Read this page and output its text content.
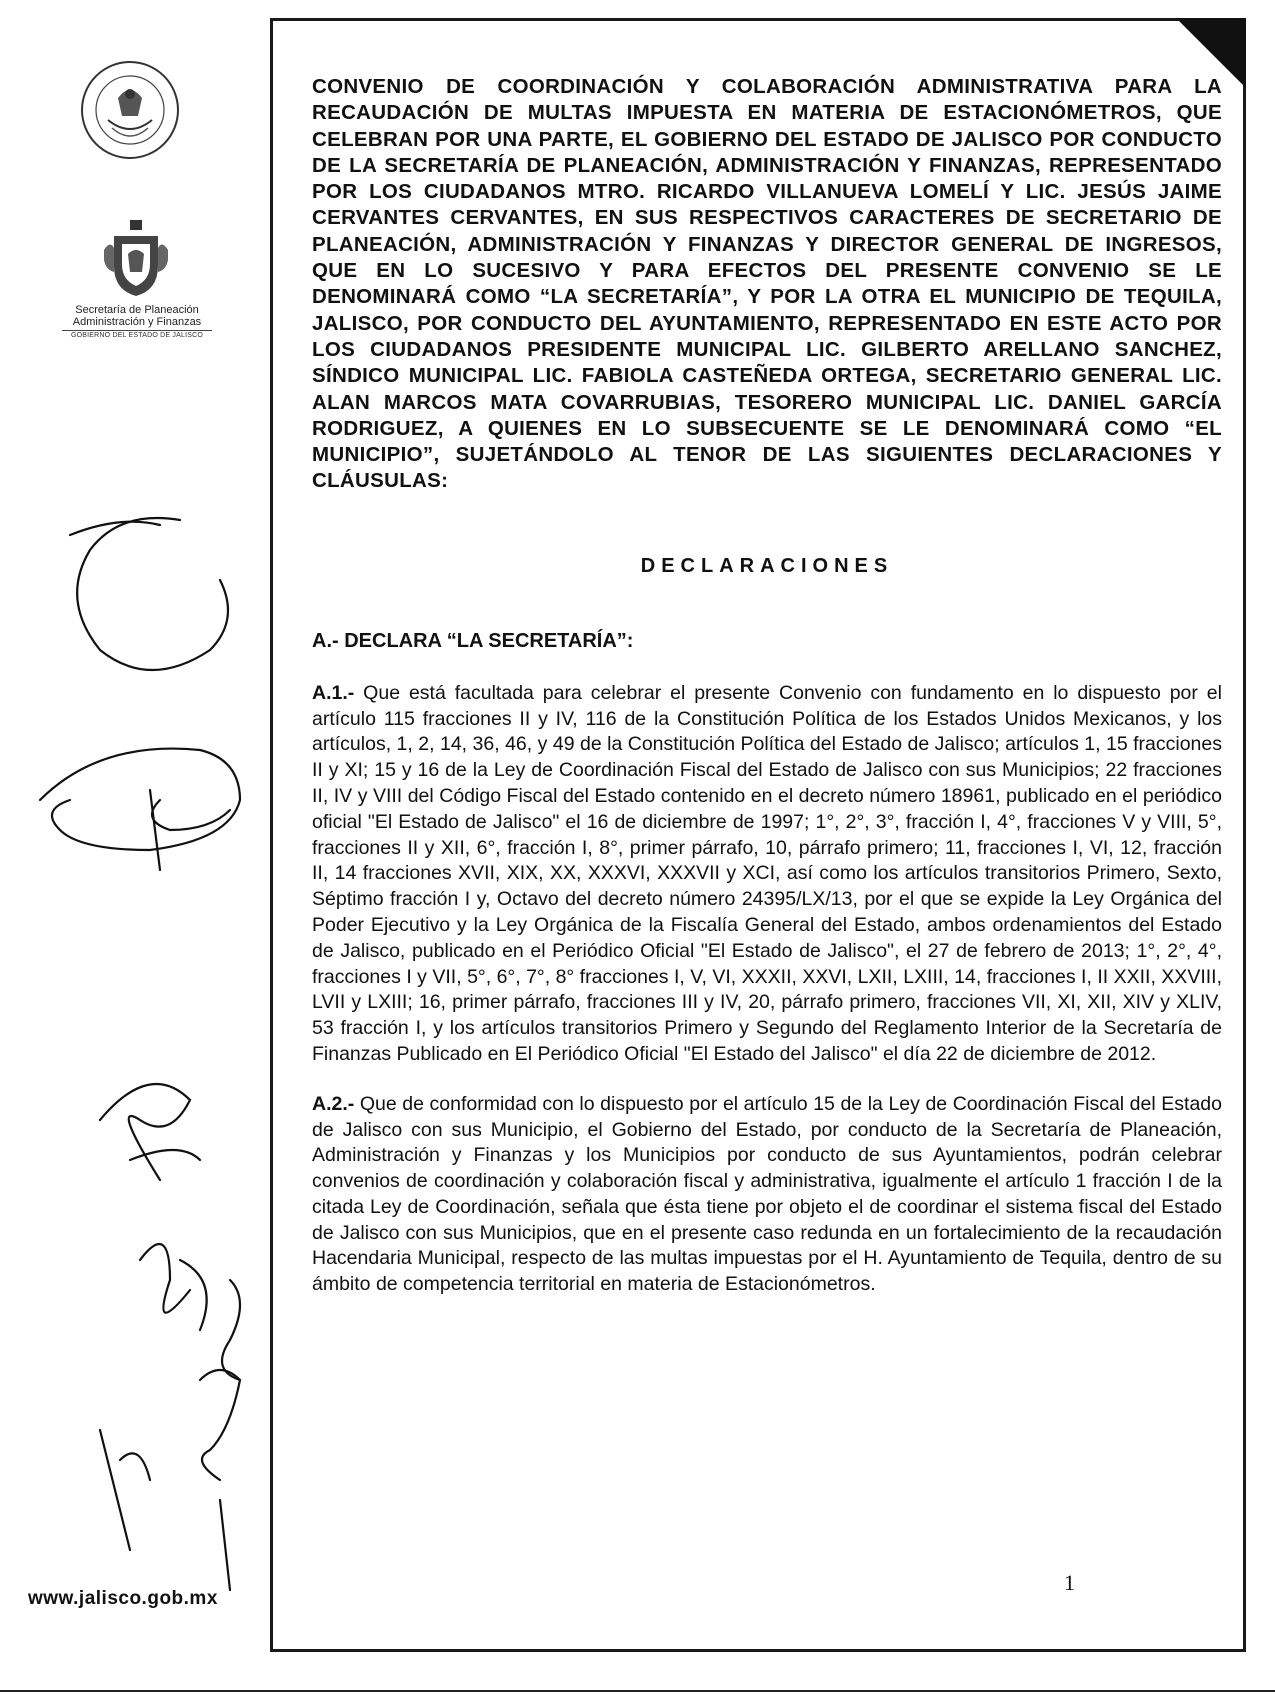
Secretaría de Planeación
Administración y Finanzas
GOBIERNO DEL ESTADO DE JALISCO
www.jalisco.gob.mx

CONVENIO DE COORDINACIÓN Y COLABORACIÓN ADMINISTRATIVA PARA LA RECAUDACIÓN DE MULTAS IMPUESTA EN MATERIA DE ESTACIONÓMETROS, QUE CELEBRAN POR UNA PARTE, EL GOBIERNO DEL ESTADO DE JALISCO POR CONDUCTO DE LA SECRETARÍA DE PLANEACIÓN, ADMINISTRACIÓN Y FINANZAS, REPRESENTADO POR LOS CIUDADANOS MTRO. RICARDO VILLANUEVA LOMELÍ Y LIC. JESÚS JAIME CERVANTES CERVANTES, EN SUS RESPECTIVOS CARACTERES DE SECRETARIO DE PLANEACIÓN, ADMINISTRACIÓN Y FINANZAS Y DIRECTOR GENERAL DE INGRESOS, QUE EN LO SUCESIVO Y PARA EFECTOS DEL PRESENTE CONVENIO SE LE DENOMINARÁ COMO “LA SECRETARÍA”, Y POR LA OTRA EL MUNICIPIO DE TEQUILA, JALISCO, POR CONDUCTO DEL AYUNTAMIENTO, REPRESENTADO EN ESTE ACTO POR LOS CIUDADANOS PRESIDENTE MUNICIPAL LIC. GILBERTO ARELLANO SANCHEZ, SÍNDICO MUNICIPAL LIC. FABIOLA CASTEÑEDA ORTEGA, SECRETARIO GENERAL LIC. ALAN MARCOS MATA COVARRUBIAS, TESORERO MUNICIPAL LIC. DANIEL GARCÍA RODRIGUEZ, A QUIENES EN LO SUBSECUENTE SE LE DENOMINARÁ COMO “EL MUNICIPIO”, SUJETÁNDOLO AL TENOR DE LAS SIGUIENTES DECLARACIONES Y CLÁUSULAS:

DECLARACIONES
A.- DECLARA “LA SECRETARÍA”:

A.1.- Que está facultada para celebrar el presente Convenio con fundamento en lo dispuesto por el artículo 115 fracciones II y IV, 116 de la Constitución Política de los Estados Unidos Mexicanos, y los artículos, 1, 2, 14, 36, 46, y 49 de la Constitución Política del Estado de Jalisco; artículos 1, 15 fracciones II y XI; 15 y 16 de la Ley de Coordinación Fiscal del Estado de Jalisco con sus Municipios; 22 fracciones II, IV y VIII del Código Fiscal del Estado contenido en el decreto número 18961, publicado en el periódico oficial "El Estado de Jalisco" el 16 de diciembre de 1997; 1°, 2°, 3°, fracción I, 4°, fracciones V y VIII, 5°, fracciones II y XII, 6°, fracción I, 8°, primer párrafo, 10, párrafo primero; 11, fracciones I, VI, 12, fracción II, 14 fracciones XVII, XIX, XX, XXXVI, XXXVII y XCI, así como los artículos transitorios Primero, Sexto, Séptimo fracción I y, Octavo del decreto número 24395/LX/13, por el que se expide la Ley Orgánica del Poder Ejecutivo y la Ley Orgánica de la Fiscalía General del Estado, ambos ordenamientos del Estado de Jalisco, publicado en el Periódico Oficial "El Estado de Jalisco", el 27 de febrero de 2013; 1°, 2°, 4°, fracciones I y VII, 5°, 6°, 7°, 8° fracciones I, V, VI, XXXII, XXVI, LXII, LXIII, 14, fracciones I, II XXII, XXVIII, LVII y LXIII; 16, primer párrafo, fracciones III y IV, 20, párrafo primero, fracciones VII, XI, XII, XIV y XLIV, 53 fracción I, y los artículos transitorios Primero y Segundo del Reglamento Interior de la Secretaría de Finanzas Publicado en El Periódico Oficial "El Estado del Jalisco" el día 22 de diciembre de 2012.

A.2.- Que de conformidad con lo dispuesto por el artículo 15 de la Ley de Coordinación Fiscal del Estado de Jalisco con sus Municipio, el Gobierno del Estado, por conducto de la Secretaría de Planeación, Administración y Finanzas y los Municipios por conducto de sus Ayuntamientos, podrán celebrar convenios de coordinación y colaboración fiscal y administrativa, igualmente el artículo 1 fracción I de la citada Ley de Coordinación, señala que ésta tiene por objeto el de coordinar el sistema fiscal del Estado de Jalisco con sus Municipios, que en el presente caso redunda en un fortalecimiento de la recaudación Hacendaria Municipal, respecto de las multas impuestas por el H. Ayuntamiento de Tequila, dentro de su ámbito de competencia territorial en materia de Estacionómetros.

1
